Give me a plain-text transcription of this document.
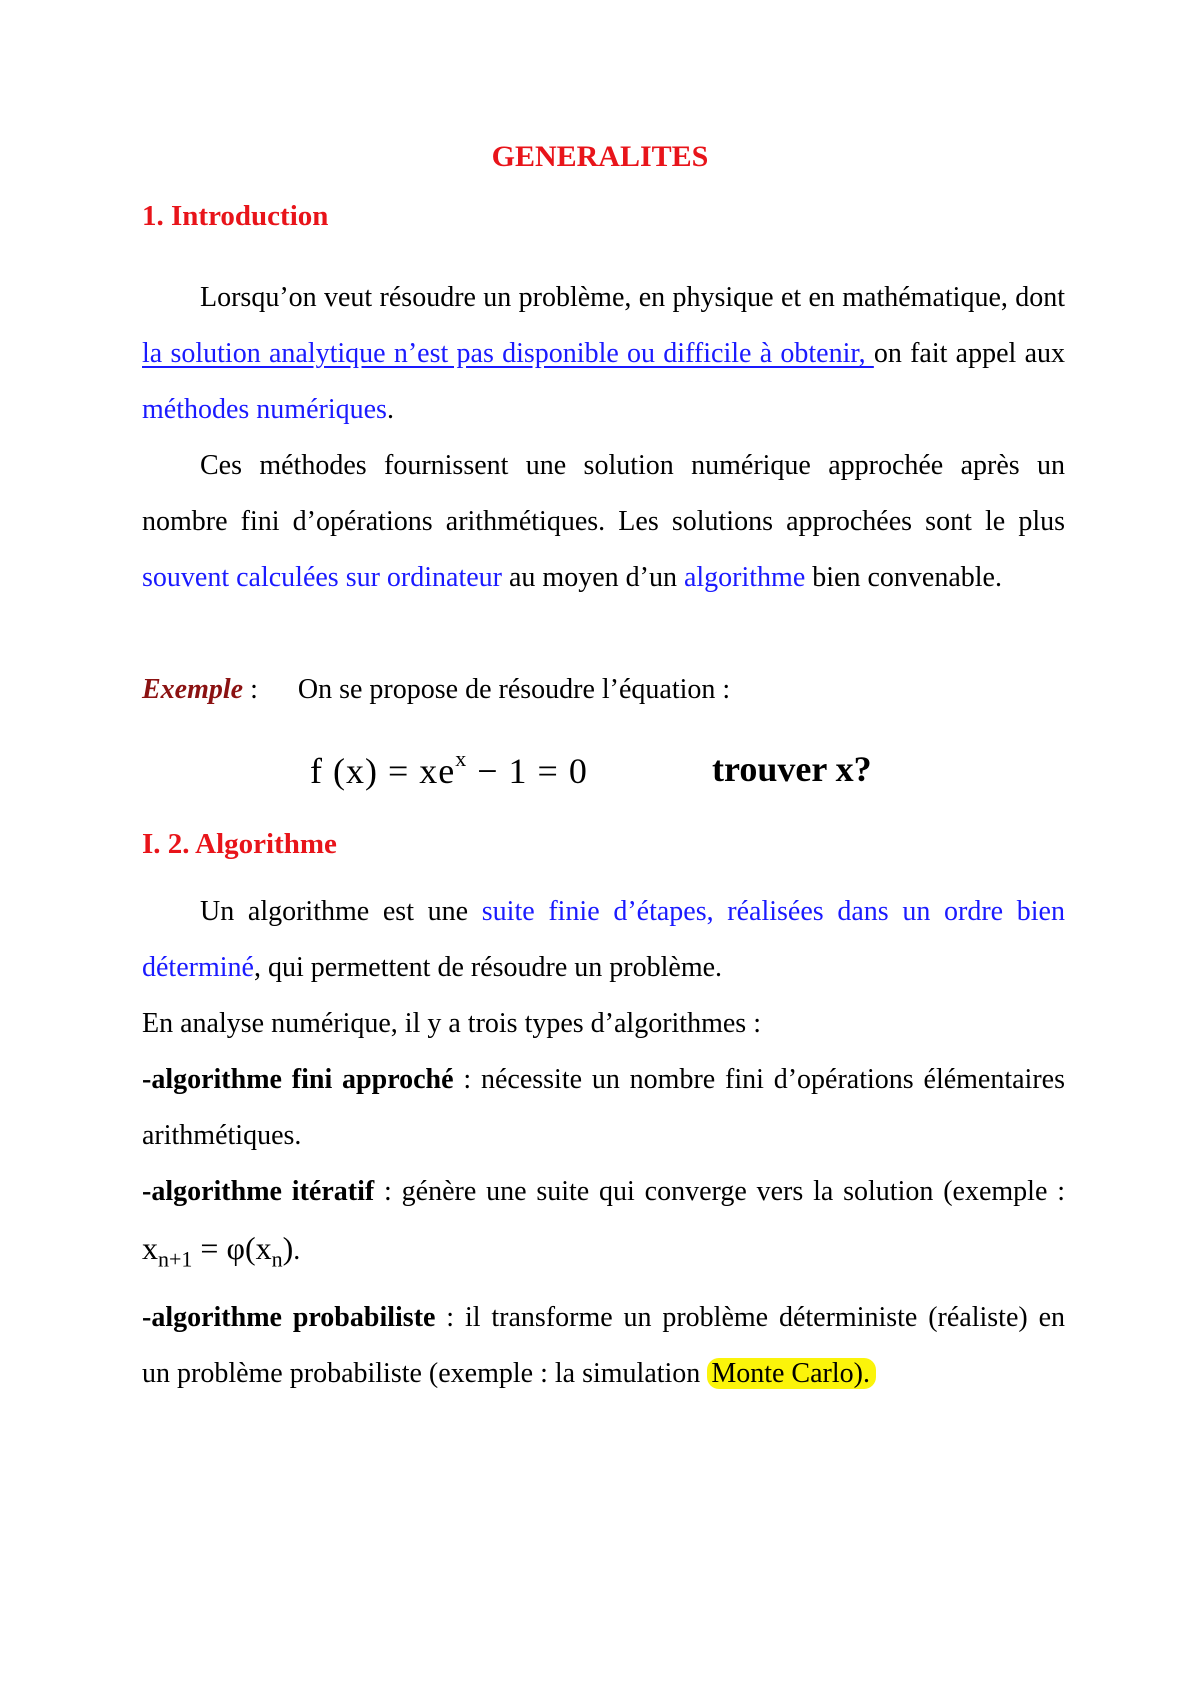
GENERALITES
1. Introduction

Lorsqu’on veut résoudre un problème, en physique et en mathématique, dont la solution analytique n’est pas disponible ou difficile à obtenir, on fait appel aux méthodes numériques.

Ces méthodes fournissent une solution numérique approchée après un nombre fini d’opérations arithmétiques. Les solutions approchées sont le plus souvent calculées sur ordinateur au moyen d’un algorithme bien convenable.

Exemple : On se propose de résoudre l’équation :

f $(x) = xe^x - 1 = 0$	trouver x?
I. 2. Algorithme

Un algorithme est une suite finie d’étapes, réalisées dans un ordre bien déterminé, qui permettent de résoudre un problème.

En analyse numérique, il y a trois types d’algorithmes :

-algorithme fini approché : nécessite un nombre fini d’opérations élémentaires arithmétiques.

-algorithme itératif : génère une suite qui converge vers la solution (exemple : $x_{n+1} = \varphi(x_n)$.

-algorithme probabiliste : il transforme un problème déterministe (réaliste) en un problème probabiliste (exemple : la simulation Monte Carlo).
